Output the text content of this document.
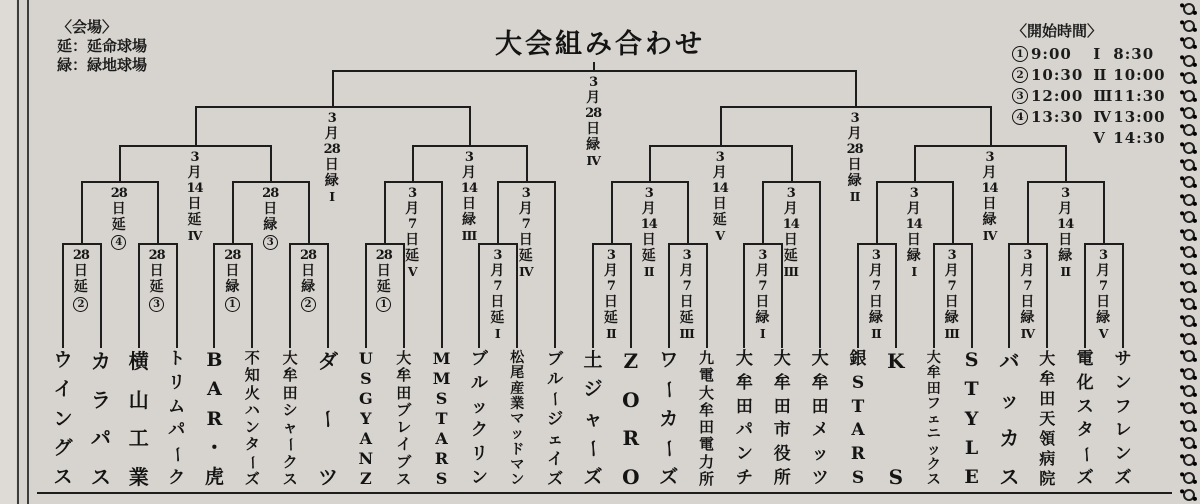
大会組み合わせ
〈会場〉
延：延命球場
緑：緑地球場
〈開始時間〉
1 9:00
2 10:30
3 12:00
4 13:30
I 8:30
II 10:00
III 11:30
IV 13:00
V 14:30
28
日
延
2
28
日
延
3
28
日
延
4
28
日
緑
1
28
日
緑
2
28
日
緑
3
3
月
14
日
延
IV
28
日
延
1
3
月
7
日
延
V
3
月
7
日
延
I
3
月
7
日
延
IV
3
月
14
日
緑
III
3
月
28
日
緑
I
3
月
7
日
延
II
3
月
7
日
延
III
3
月
14
日
延
II
3
月
7
日
緑
I
3
月
14
日
延
III
3
月
14
日
延
V
3
月
7
日
緑
II
3
月
7
日
緑
III
3
月
14
日
緑
I
3
月
7
日
緑
IV
3
月
7
日
緑
V
3
月
14
日
緑
II
3
月
14
日
緑
IV
3
月
28
日
緑
II
3
月
28
日
緑
IV
ウ
イ
ン
グ
ス
カ
ラ
パ
ス
横
山
工
業
ト
リ
ム
パ
ー
ク
B
A
R
・
虎
不
知
火
ハ
ン
タ
ー
ズ
大
牟
田
シ
ャ
ー
ク
ス
ダ
ー
ツ
U
S
G
Y
A
N
Z
大
牟
田
ブ
レ
イ
ブ
ス
M
M
S
T
A
R
S
ブ
ル
ッ
ク
リ
ン
松
尾
産
業
マ
ッ
ド
マ
ン
ブ
ル
ー
ジ
ェ
イ
ズ
土
ジ
ャ
ー
ズ
Z
O
R
O
ワ
ー
カ
ー
ズ
九
電
大
牟
田
電
力
所
大
牟
田
パ
ン
チ
大
牟
田
市
役
所
大
牟
田
メ
ッ
ツ
銀
S
T
A
R
S
K
S
大
牟
田
フ
ェ
ニ
ッ
ク
ス
S
T
Y
L
E
バ
ッ
カ
ス
大
牟
田
天
領
病
院
電
化
ス
タ
ー
ズ
サ
ン
フ
レ
ン
ズ
